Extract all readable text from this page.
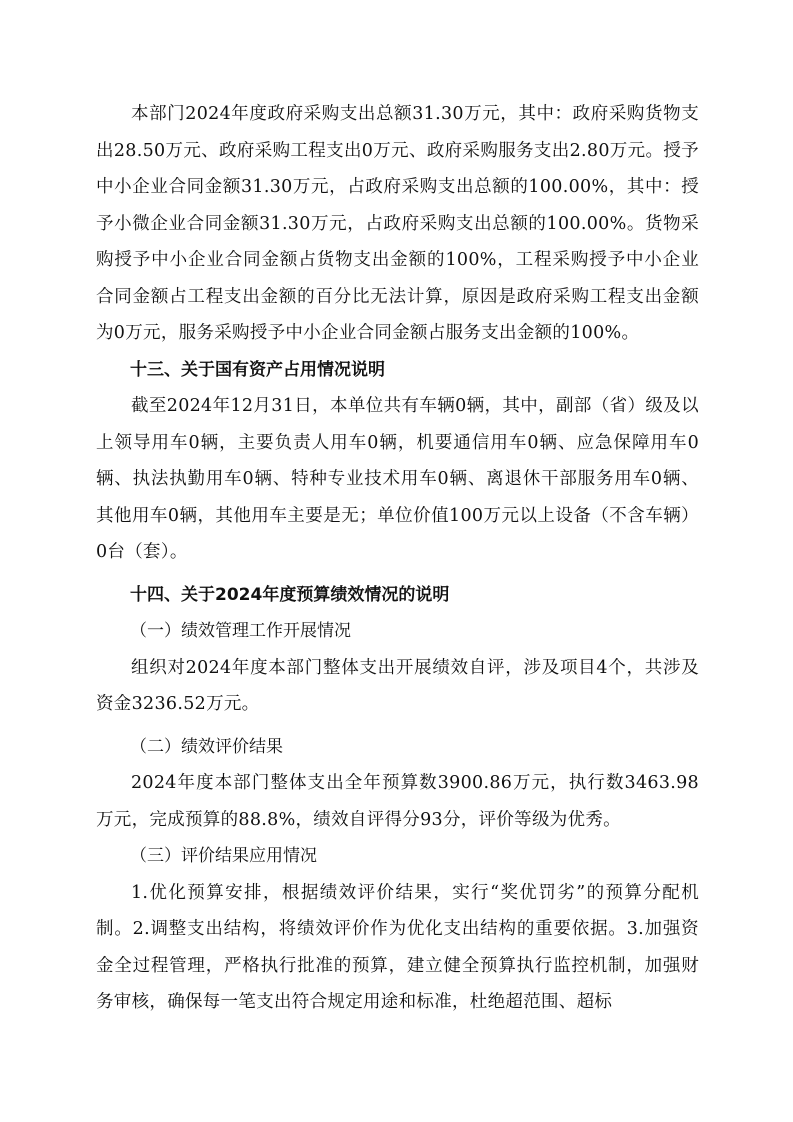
本部门2024年度政府采购支出总额31.30万元，其中：政府采购货物支出28.50万元、政府采购工程支出0万元、政府采购服务支出2.80万元。授予中小企业合同金额31.30万元，占政府采购支出总额的100.00%，其中：授予小微企业合同金额31.30万元，占政府采购支出总额的100.00%。货物采购授予中小企业合同金额占货物支出金额的100%，工程采购授予中小企业合同金额占工程支出金额的百分比无法计算，原因是政府采购工程支出金额为0万元，服务采购授予中小企业合同金额占服务支出金额的100%。

十三、关于国有资产占用情况说明

截至2024年12月31日，本单位共有车辆0辆，其中，副部（省）级及以上领导用车0辆，主要负责人用车0辆，机要通信用车0辆、应急保障用车0辆、执法执勤用车0辆、特种专业技术用车0辆、离退休干部服务用车0辆、其他用车0辆，其他用车主要是无；单位价值100万元以上设备（不含车辆）0台（套）。

十四、关于2024年度预算绩效情况的说明

（一）绩效管理工作开展情况

组织对2024年度本部门整体支出开展绩效自评，涉及项目4个，共涉及资金3236.52万元。

（二）绩效评价结果

2024年度本部门整体支出全年预算数3900.86万元，执行数3463.98万元，完成预算的88.8%，绩效自评得分93分，评价等级为优秀。

（三）评价结果应用情况

1.优化预算安排，根据绩效评价结果，实行“奖优罚劣”的预算分配机制。2.调整支出结构，将绩效评价作为优化支出结构的重要依据。3.加强资金全过程管理，严格执行批准的预算，建立健全预算执行监控机制，加强财务审核，确保每一笔支出符合规定用途和标准，杜绝超范围、超标
